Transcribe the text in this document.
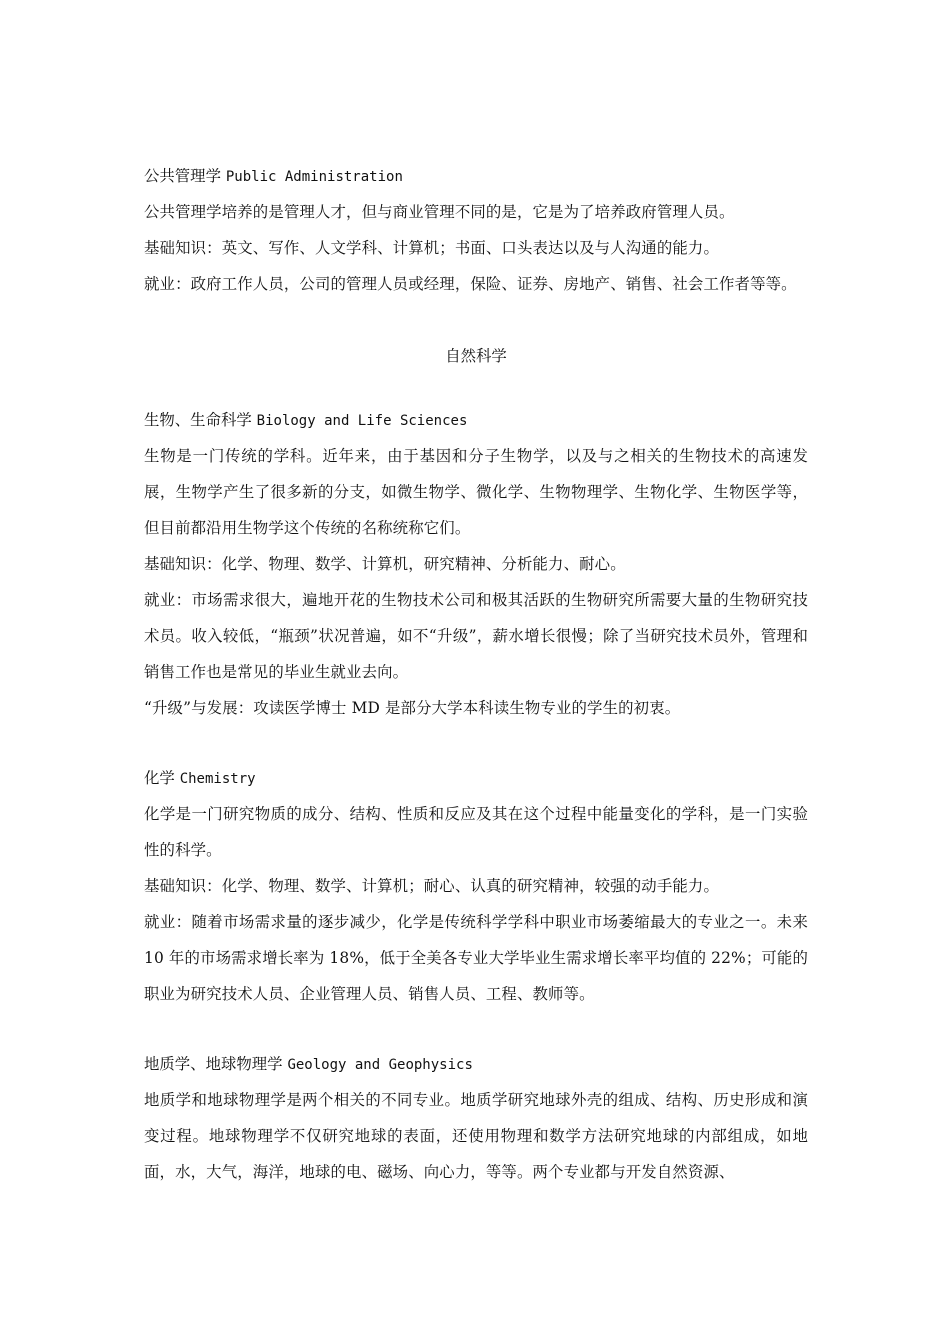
公共管理学 Public Administration
公共管理学培养的是管理人才，但与商业管理不同的是，它是为了培养政府管理人员。
基础知识：英文、写作、人文学科、计算机；书面、口头表达以及与人沟通的能力。
就业：政府工作人员，公司的管理人员或经理，保险、证券、房地产、销售、社会工作者等等。
自然科学
生物、生命科学 Biology and Life Sciences
生物是一门传统的学科。近年来，由于基因和分子生物学，以及与之相关的生物技术的高速发展，生物学产生了很多新的分支，如微生物学、微化学、生物物理学、生物化学、生物医学等，但目前都沿用生物学这个传统的名称统称它们。
基础知识：化学、物理、数学、计算机，研究精神、分析能力、耐心。
就业：市场需求很大，遍地开花的生物技术公司和极其活跃的生物研究所需要大量的生物研究技术员。收入较低，“瓶颈”状况普遍，如不“升级”，薪水增长很慢；除了当研究技术员外，管理和销售工作也是常见的毕业生就业去向。
“升级”与发展：攻读医学博士 MD 是部分大学本科读生物专业的学生的初衷。
化学 Chemistry
化学是一门研究物质的成分、结构、性质和反应及其在这个过程中能量变化的学科，是一门实验性的科学。
基础知识：化学、物理、数学、计算机；耐心、认真的研究精神，较强的动手能力。
就业：随着市场需求量的逐步减少，化学是传统科学学科中职业市场萎缩最大的专业之一。未来 10 年的市场需求增长率为 18%，低于全美各专业大学毕业生需求增长率平均值的 22%；可能的职业为研究技术人员、企业管理人员、销售人员、工程、教师等。
地质学、地球物理学 Geology and Geophysics
地质学和地球物理学是两个相关的不同专业。地质学研究地球外壳的组成、结构、历史形成和演变过程。地球物理学不仅研究地球的表面，还使用物理和数学方法研究地球的内部组成，如地面，水，大气，海洋，地球的电、磁场、向心力，等等。两个专业都与开发自然资源、
